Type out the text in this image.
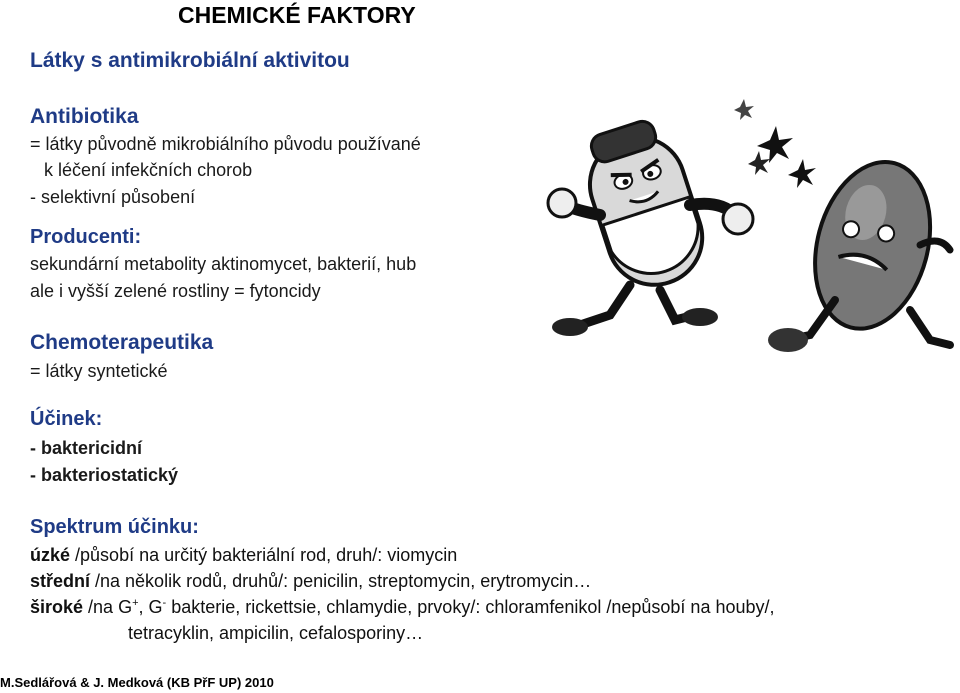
CHEMICKÉ FAKTORY
Látky s antimikrobiální aktivitou
Antibiotika
= látky původně mikrobiálního původu používané
k léčení infekčních chorob
- selektivní působení
Producenti:
sekundární metabolity aktinomycet, bakterií, hub
ale i vyšší zelené rostliny = fytoncidy
Chemoterapeutika
= látky syntetické
Účinek:
- baktericidní
- bakteriostatický
Spektrum účinku:
úzké /působí na určitý bakteriální rod, druh/: viomycin
střední /na několik rodů, druhů/: penicilin, streptomycin, erytromycin…
široké /na G+, G- bakterie, rickettsie, chlamydie, prvoky/: chloramfenikol /nepůsobí na houby/,
tetracyklin, ampicilin, cefalosporiny…
M.Sedlářová & J. Medková (KB PřF UP) 2010
